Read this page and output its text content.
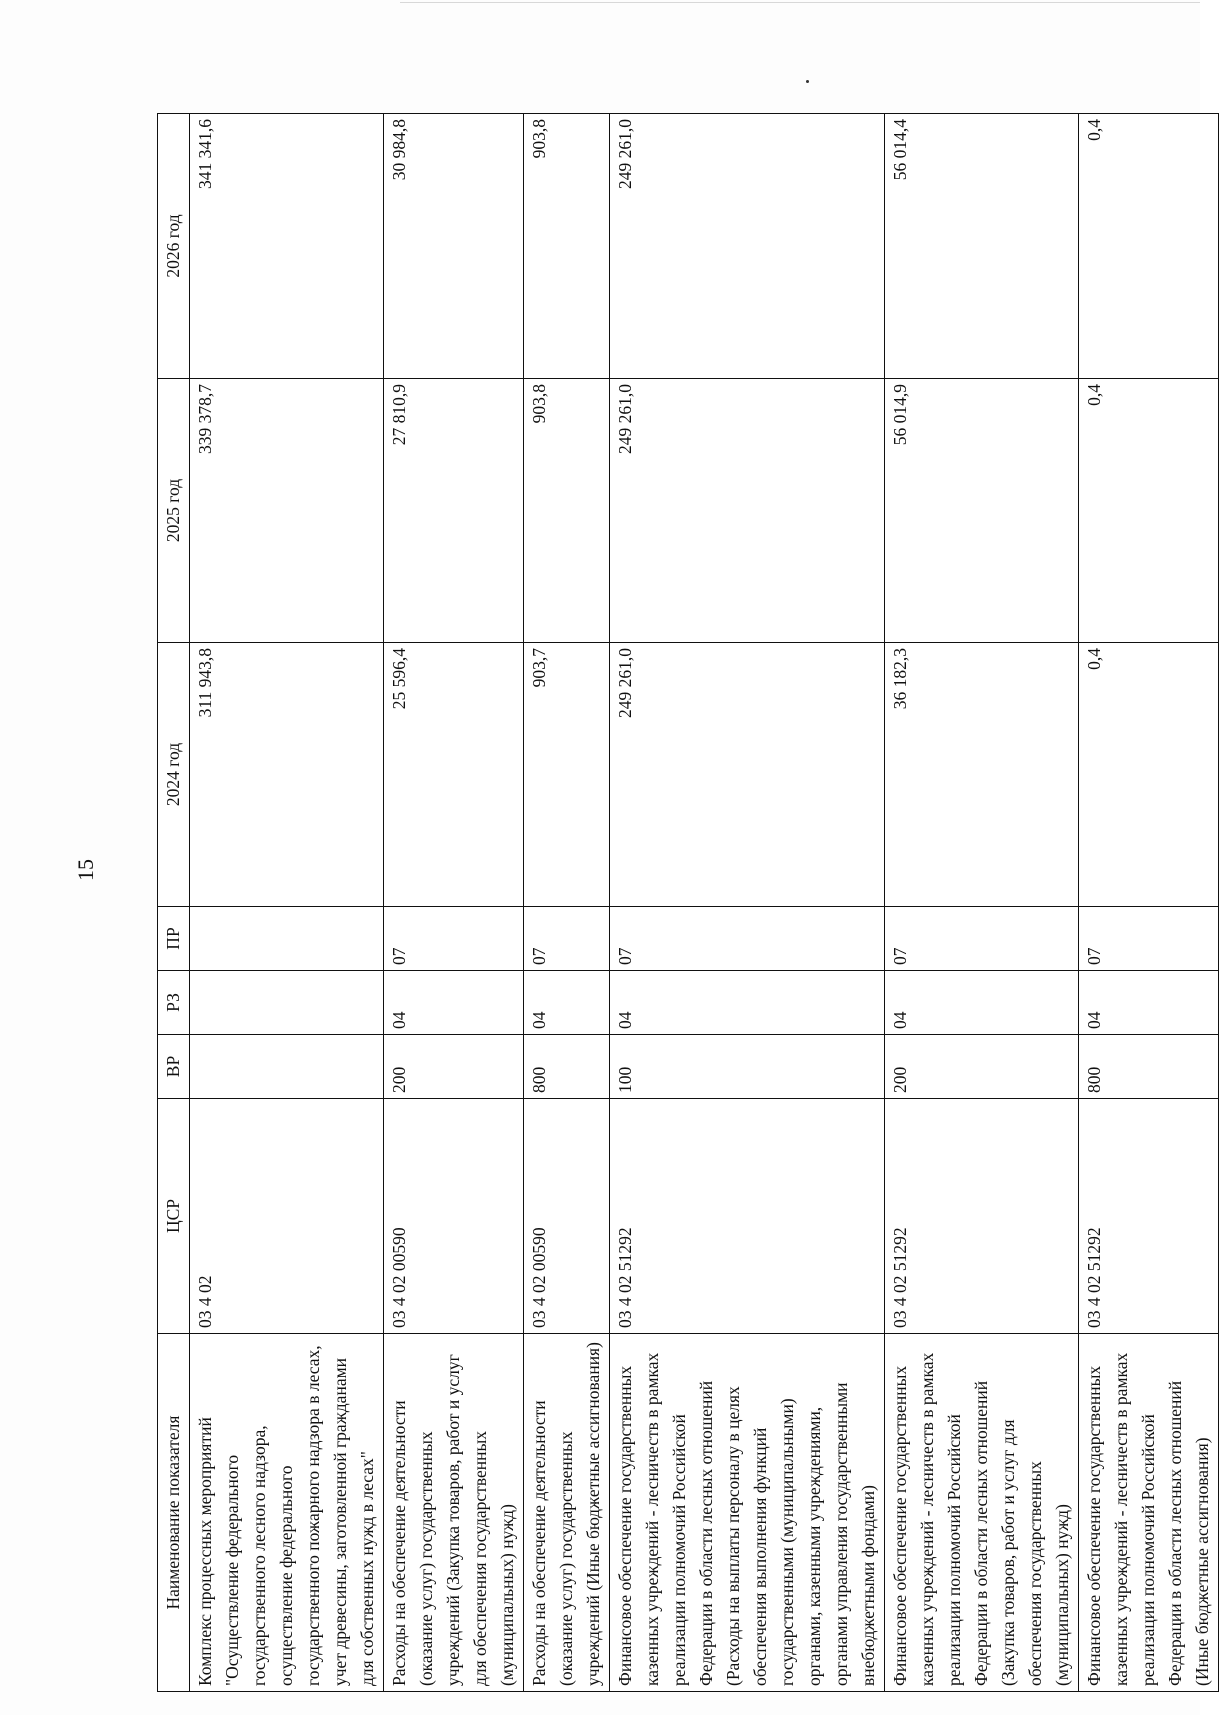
15
Наименование показателя	ЦСР	ВР	РЗ	ПР	2024 год	2025 год	2026 год
Комплекс процессных мероприятий "Осуществление федерального государственного лесного надзора, осуществление федерального государственного пожарного надзора в лесах, учет древесины, заготовленной гражданами для собственных нужд в лесах"	03 4 02				311 943,8	339 378,7	341 341,6
Расходы на обеспечение деятельности (оказание услуг) государственных учреждений (Закупка товаров, работ и услуг для обеспечения государственных (муниципальных) нужд)	03 4 02 00590	200	04	07	25 596,4	27 810,9	30 984,8
Расходы на обеспечение деятельности (оказание услуг) государственных учреждений (Иные бюджетные ассигнования)	03 4 02 00590	800	04	07	903,7	903,8	903,8
Финансовое обеспечение государственных казенных учреждений - лесничеств в рамках реализации полномочий Российской Федерации в области лесных отношений (Расходы на выплаты персоналу в целях обеспечения выполнения функций государственными (муниципальными) органами, казенными учреждениями, органами управления государственными внебюджетными фондами)	03 4 02 51292	100	04	07	249 261,0	249 261,0	249 261,0
Финансовое обеспечение государственных казенных учреждений - лесничеств в рамках реализации полномочий Российской Федерации в области лесных отношений (Закупка товаров, работ и услуг для обеспечения государственных (муниципальных) нужд)	03 4 02 51292	200	04	07	36 182,3	56 014,9	56 014,4
Финансовое обеспечение государственных казенных учреждений - лесничеств в рамках реализации полномочий Российской Федерации в области лесных отношений (Иные бюджетные ассигнования)	03 4 02 51292	800	04	07	0,4	0,4	0,4
